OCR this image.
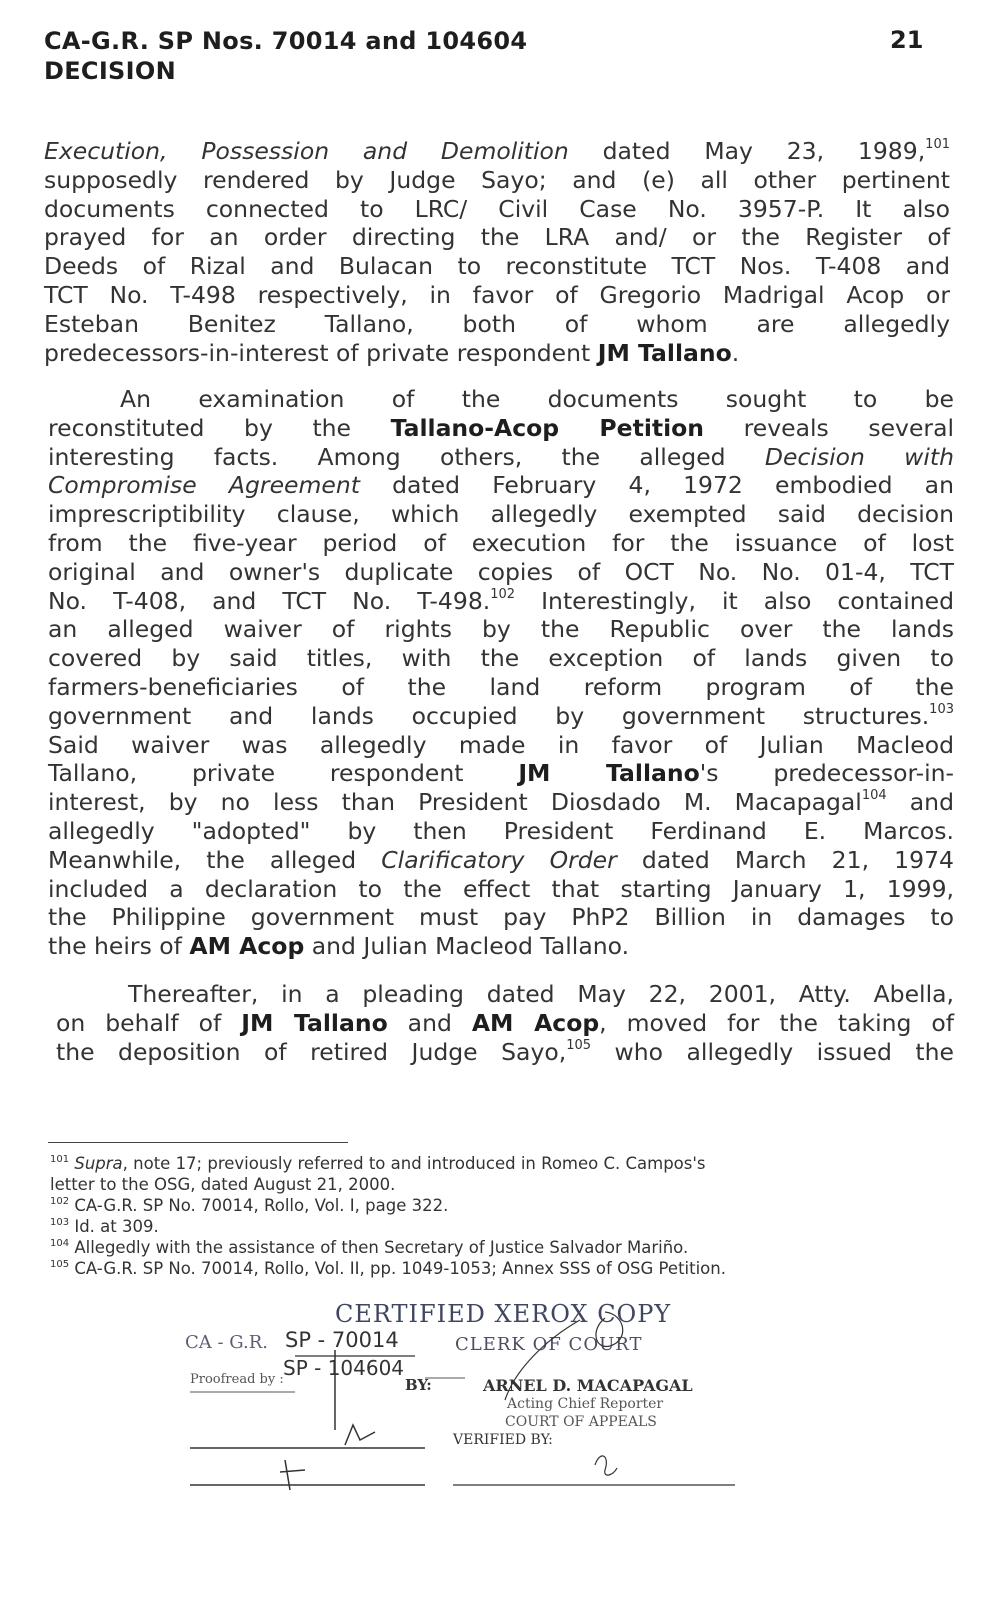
CA-G.R. SP Nos. 70014 and 104604
DECISION
21
Execution, Possession and Demolition dated May 23, 1989,$^{101}$
supposedly rendered by Judge Sayo; and (e) all other pertinent
documents connected to LRC/ Civil Case No. 3957-P. It also
prayed for an order directing the LRA and/ or the Register of
Deeds of Rizal and Bulacan to reconstitute TCT Nos. T-408 and
TCT No. T-498 respectively, in favor of Gregorio Madrigal Acop or
Esteban Benitez Tallano, both of whom are allegedly
predecessors-in-interest of private respondent JM Tallano.
An examination of the documents sought to be
reconstituted by the Tallano-Acop Petition reveals several
interesting facts. Among others, the alleged Decision with
Compromise Agreement dated February 4, 1972 embodied an
imprescriptibility clause, which allegedly exempted said decision
from the five-year period of execution for the issuance of lost
original and owner's duplicate copies of OCT No. No. 01-4, TCT
No. T-408, and TCT No. T-498.$^{102}$ Interestingly, it also contained
an alleged waiver of rights by the Republic over the lands
covered by said titles, with the exception of lands given to
farmers-beneficiaries of the land reform program of the
government and lands occupied by government structures.$^{103}$
Said waiver was allegedly made in favor of Julian Macleod
Tallano, private respondent JM Tallano's predecessor-in-
interest, by no less than President Diosdado M. Macapagal$^{104}$ and
allegedly "adopted" by then President Ferdinand E. Marcos.
Meanwhile, the alleged Clarificatory Order dated March 21, 1974
included a declaration to the effect that starting January 1, 1999,
the Philippine government must pay PhP2 Billion in damages to
the heirs of AM Acop and Julian Macleod Tallano.
Thereafter, in a pleading dated May 22, 2001, Atty. Abella,
on behalf of JM Tallano and AM Acop, moved for the taking of
the deposition of retired Judge Sayo,$^{105}$ who allegedly issued the
$^{101}$ Supra, note 17; previously referred to and introduced in Romeo C. Campos's
letter to the OSG, dated August 21, 2000.
$^{102}$ CA-G.R. SP No. 70014, Rollo, Vol. I, page 322.
$^{103}$ Id. at 309.
$^{104}$ Allegedly with the assistance of then Secretary of Justice Salvador Mariño.
$^{105}$ CA-G.R. SP No. 70014, Rollo, Vol. II, pp. 1049-1053; Annex SSS of OSG Petition.
CERTIFIED XEROX COPY
CA - G.R. SP - 70014
SP - 104604
CLERK OF COURT
Proofread by :	BY:	ARNEL D. MACAPAGAL
Acting Chief Reporter
COURT OF APPEALS
VERIFIED BY:
